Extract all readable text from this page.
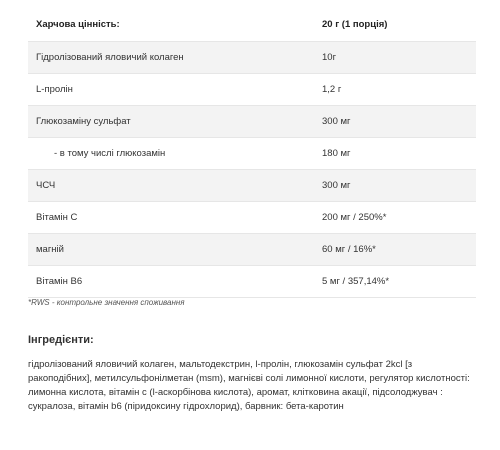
Харчова цінність:	20 г (1 порція)
Гідролізований яловичий колаген	10г
L-пролін	1,2 г
Глюкозаміну сульфат	300 мг
- в тому числі глюкозамін	180 мг
ЧСЧ	300 мг
Вітамін С	200 мг / 250%*
магній	60 мг / 16%*
Вітамін В6	5 мг / 357,14%*

*RWS - контрольне значення споживання

Інгредієнти:

гідролізований яловичий колаген, мальтодекстрин, l-пролін, глюкозамін сульфат 2kcl [з ракоподібних], метилсульфонілметан (msm), магнієві солі лимонної кислоти, регулятор кислотності: лимонна кислота, вітамін с (l-аскорбінова кислота), аромат, клітковина акації, підсолоджувач : сукралоза, вітамін b6 (піридоксину гідрохлорид), барвник: бета-каротин
